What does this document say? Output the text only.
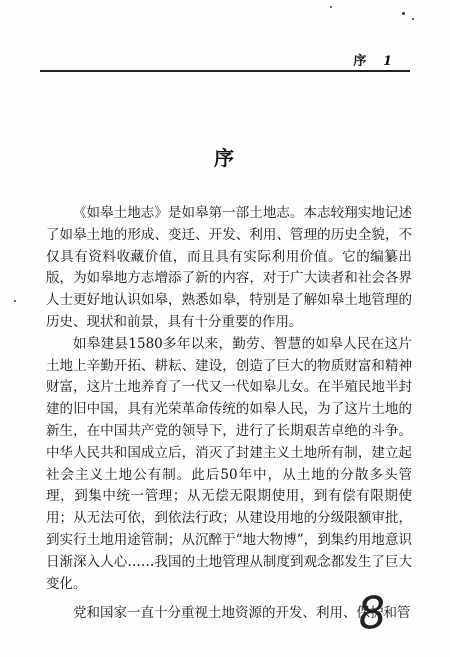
序 1
序

《如皋土地志》是如皋第一部土地志。本志较翔实地记述了如皋土地的形成、变迁、开发、利用、管理的历史全貌，不仅具有资料收藏价值，而且具有实际利用价值。它的编纂出版，为如皋地方志增添了新的内容，对于广大读者和社会各界人士更好地认识如皋，熟悉如皋，特别是了解如皋土地管理的历史、现状和前景，具有十分重要的作用。

如皋建县1580多年以来，勤劳、智慧的如皋人民在这片土地上辛勤开拓、耕耘、建设，创造了巨大的物质财富和精神财富，这片土地养育了一代又一代如皋儿女。在半殖民地半封建的旧中国，具有光荣革命传统的如皋人民，为了这片土地的新生，在中国共产党的领导下，进行了长期艰苦卓绝的斗争。中华人民共和国成立后，消灭了封建主义土地所有制，建立起社会主义土地公有制。此后50年中，从土地的分散多头管理，到集中统一管理；从无偿无限期使用，到有偿有限期使用；从无法可依，到依法行政；从建设用地的分级限额审批，到实行土地用途管制；从沉醉于“地大物博”，到集约用地意识日渐深入人心……我国的土地管理从制度到观念都发生了巨大变化。

党和国家一直十分重视土地资源的开发、利用、保护和管

8
